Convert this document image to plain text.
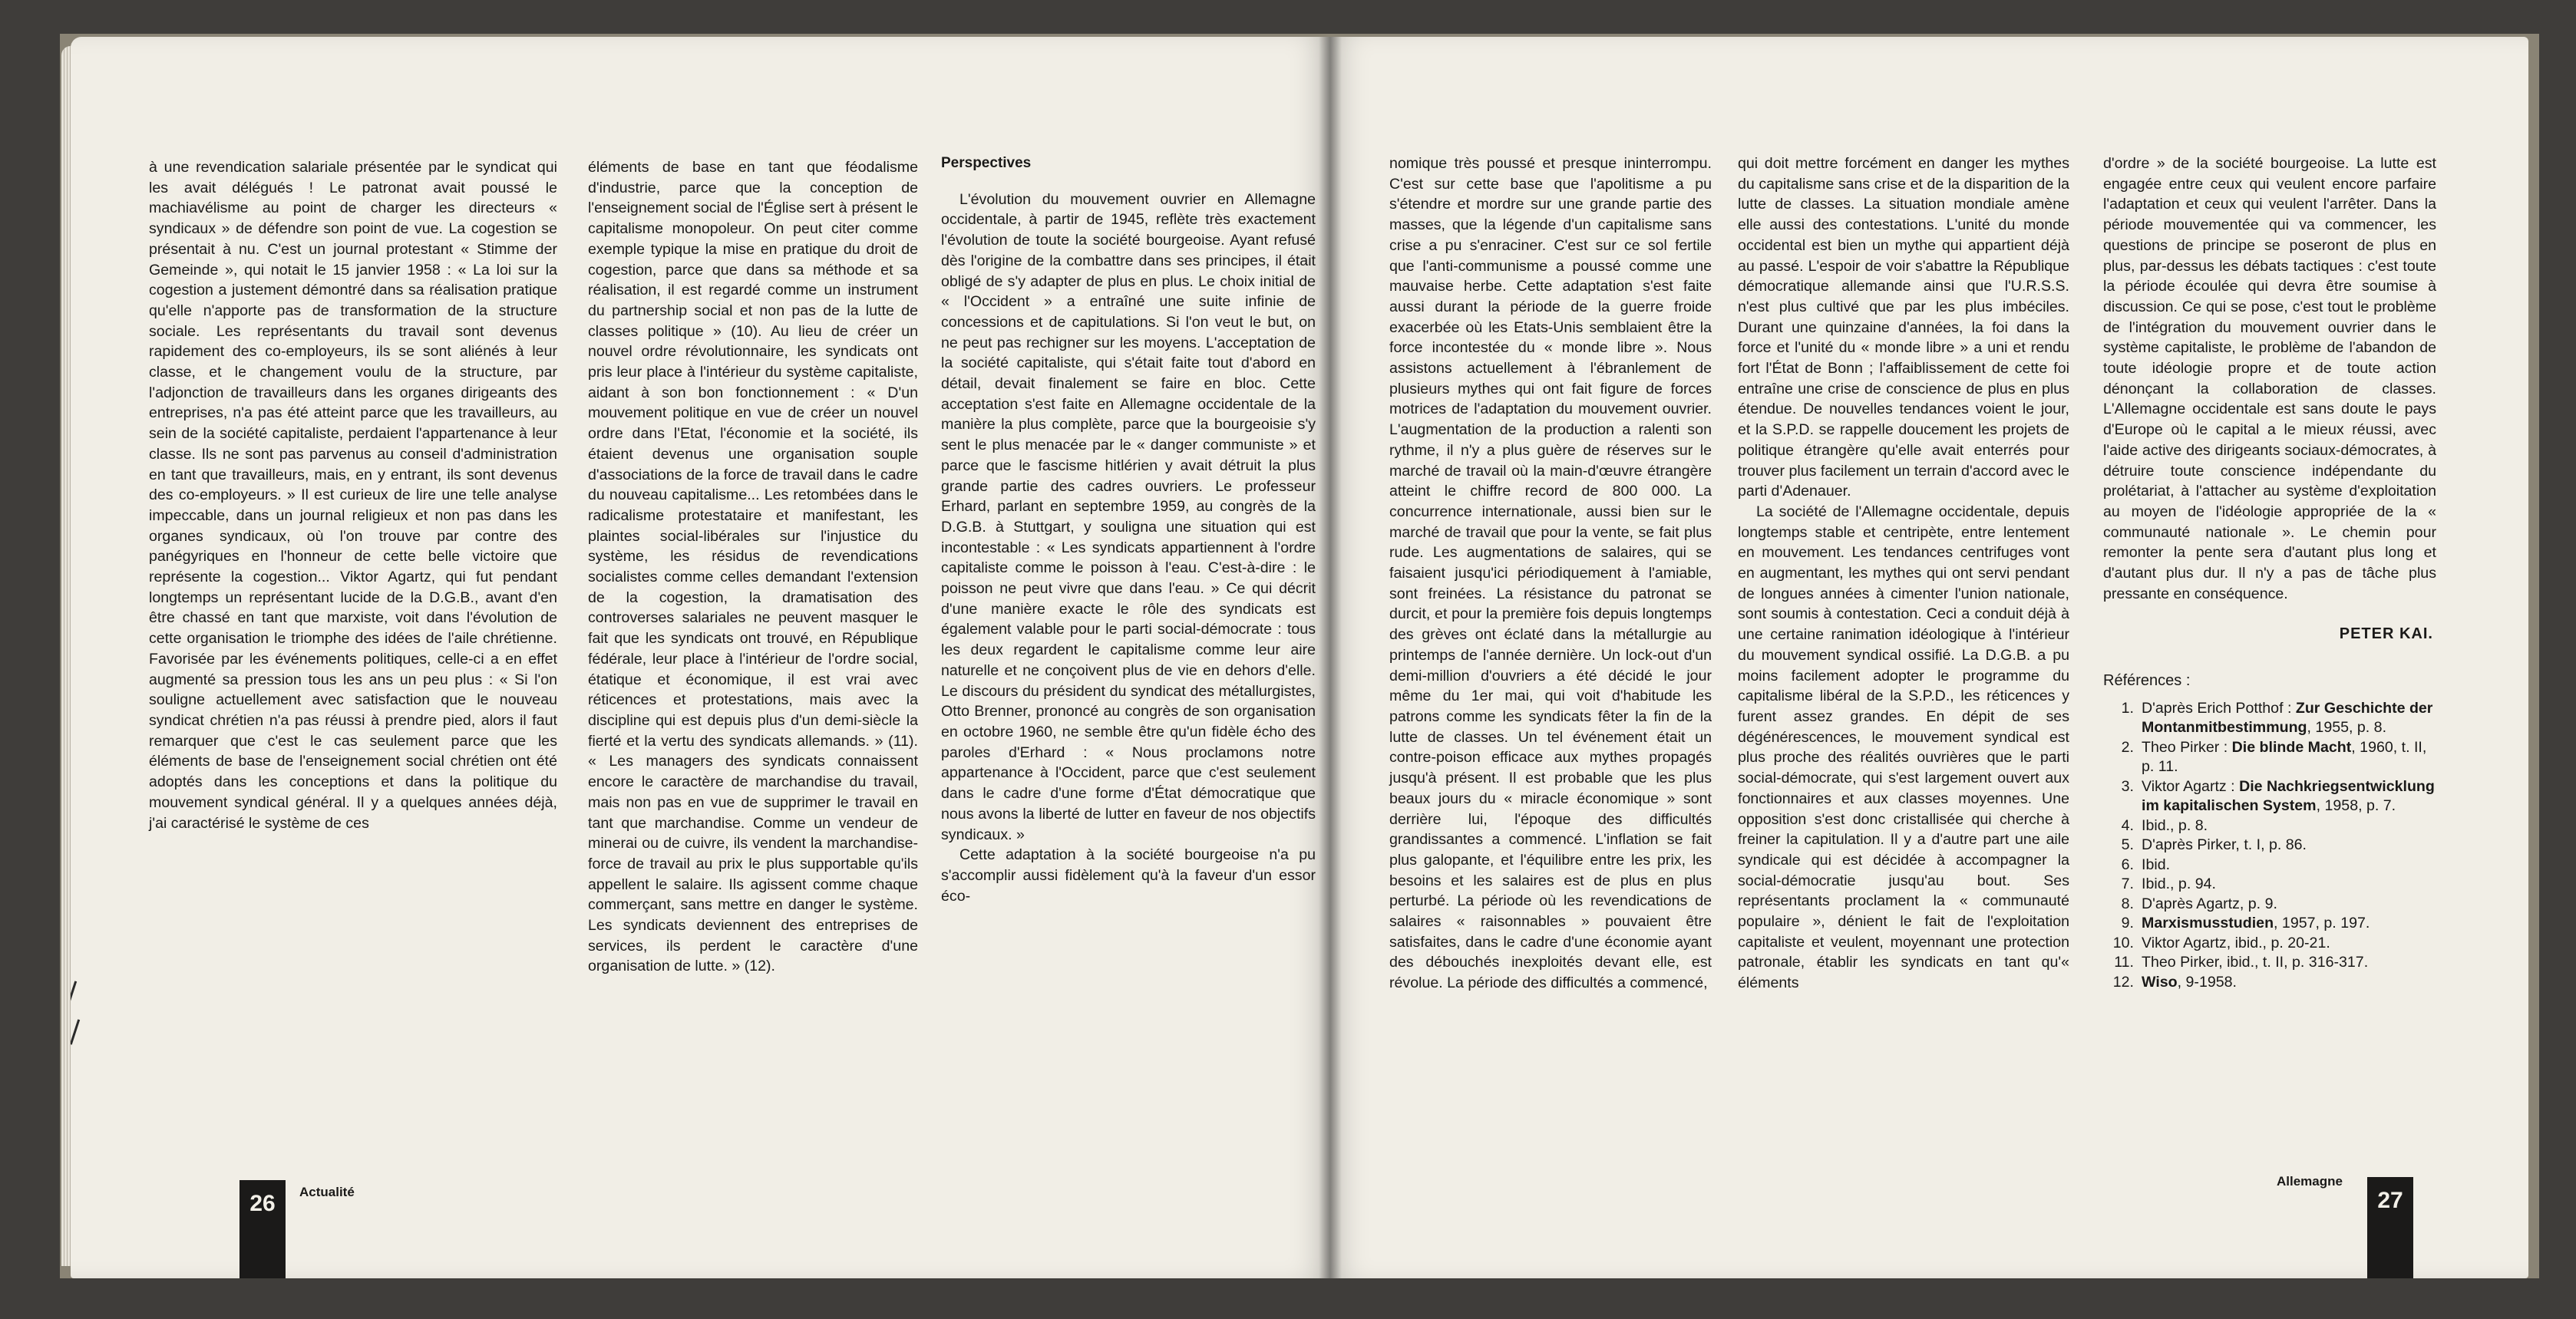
à une revendication salariale présentée par le syndicat qui les avait délégués ! Le patronat avait poussé le machiavélisme au point de charger les directeurs « syndicaux » de défendre son point de vue. La cogestion se présentait à nu. C'est un journal protestant « Stimme der Gemeinde », qui notait le 15 janvier 1958 : « La loi sur la cogestion a justement démontré dans sa réalisation pratique qu'elle n'apporte pas de transformation de la structure sociale. Les représentants du travail sont devenus rapidement des co-employeurs, ils se sont aliénés à leur classe, et le changement voulu de la structure, par l'adjonction de travailleurs dans les organes dirigeants des entreprises, n'a pas été atteint parce que les travailleurs, au sein de la société capitaliste, perdaient l'appartenance à leur classe. Ils ne sont pas parvenus au conseil d'administration en tant que travailleurs, mais, en y entrant, ils sont devenus des co-employeurs. » Il est curieux de lire une telle analyse impeccable, dans un journal religieux et non pas dans les organes syndicaux, où l'on trouve par contre des panégyriques en l'honneur de cette belle victoire que représente la cogestion... Viktor Agartz, qui fut pendant longtemps un représentant lucide de la D.G.B., avant d'en être chassé en tant que marxiste, voit dans l'évolution de cette organisation le triomphe des idées de l'aile chrétienne. Favorisée par les événements politiques, celle-ci a en effet augmenté sa pression tous les ans un peu plus : « Si l'on souligne actuellement avec satisfaction que le nouveau syndicat chrétien n'a pas réussi à prendre pied, alors il faut remarquer que c'est le cas seulement parce que les éléments de base de l'enseignement social chrétien ont été adoptés dans les conceptions et dans la politique du mouvement syndical général. Il y a quelques années déjà, j'ai caractérisé le système de ces

éléments de base en tant que féodalisme d'industrie, parce que la conception de l'enseignement social de l'Église sert à présent le capitalisme monopoleur. On peut citer comme exemple typique la mise en pratique du droit de cogestion, parce que dans sa méthode et sa réalisation, il est regardé comme un instrument du partnership social et non pas de la lutte de classes politique » (10). Au lieu de créer un nouvel ordre révolutionnaire, les syndicats ont pris leur place à l'intérieur du système capitaliste, aidant à son bon fonctionnement : « D'un mouvement politique en vue de créer un nouvel ordre dans l'Etat, l'économie et la société, ils étaient devenus une organisation souple d'associations de la force de travail dans le cadre du nouveau capitalisme... Les retombées dans le radicalisme protestataire et manifestant, les plaintes social-libérales sur l'injustice du système, les résidus de revendications socialistes comme celles demandant l'extension de la cogestion, la dramatisation des controverses salariales ne peuvent masquer le fait que les syndicats ont trouvé, en République fédérale, leur place à l'intérieur de l'ordre social, étatique et économique, il est vrai avec réticences et protestations, mais avec la discipline qui est depuis plus d'un demi-siècle la fierté et la vertu des syndicats allemands. » (11). « Les managers des syndicats connaissent encore le caractère de marchandise du travail, mais non pas en vue de supprimer le travail en tant que marchandise. Comme un vendeur de minerai ou de cuivre, ils vendent la marchandise-force de travail au prix le plus supportable qu'ils appellent le salaire. Ils agissent comme chaque commerçant, sans mettre en danger le système. Les syndicats deviennent des entreprises de services, ils perdent le caractère d'une organisation de lutte. » (12).

Perspectives

L'évolution du mouvement ouvrier en Allemagne occidentale, à partir de 1945, reflète très exactement l'évolution de toute la société bourgeoise. Ayant refusé dès l'origine de la combattre dans ses principes, il était obligé de s'y adapter de plus en plus. Le choix initial de « l'Occident » a entraîné une suite infinie de concessions et de capitulations. Si l'on veut le but, on ne peut pas rechigner sur les moyens. L'acceptation de la société capitaliste, qui s'était faite tout d'abord en détail, devait finalement se faire en bloc. Cette acceptation s'est faite en Allemagne occidentale de la manière la plus complète, parce que la bourgeoisie s'y sent le plus menacée par le « danger communiste » et parce que le fascisme hitlérien y avait détruit la plus grande partie des cadres ouvriers. Le professeur Erhard, parlant en septembre 1959, au congrès de la D.G.B. à Stuttgart, y souligna une situation qui est incontestable : « Les syndicats appartiennent à l'ordre capitaliste comme le poisson à l'eau. C'est-à-dire : le poisson ne peut vivre que dans l'eau. » Ce qui décrit d'une manière exacte le rôle des syndicats est également valable pour le parti social-démocrate : tous les deux regardent le capitalisme comme leur aire naturelle et ne conçoivent plus de vie en dehors d'elle. Le discours du président du syndicat des métallurgistes, Otto Brenner, prononcé au congrès de son organisation en octobre 1960, ne semble être qu'un fidèle écho des paroles d'Erhard : « Nous proclamons notre appartenance à l'Occident, parce que c'est seulement dans le cadre d'une forme d'État démocratique que nous avons la liberté de lutter en faveur de nos objectifs syndicaux. »

Cette adaptation à la société bourgeoise n'a pu s'accomplir aussi fidèlement qu'à la faveur d'un essor éco-

nomique très poussé et presque ininterrompu. C'est sur cette base que l'apolitisme a pu s'étendre et mordre sur une grande partie des masses, que la légende d'un capitalisme sans crise a pu s'enraciner. C'est sur ce sol fertile que l'anti-communisme a poussé comme une mauvaise herbe. Cette adaptation s'est faite aussi durant la période de la guerre froide exacerbée où les Etats-Unis semblaient être la force incontestée du « monde libre ». Nous assistons actuellement à l'ébranlement de plusieurs mythes qui ont fait figure de forces motrices de l'adaptation du mouvement ouvrier. L'augmentation de la production a ralenti son rythme, il n'y a plus guère de réserves sur le marché de travail où la main-d'œuvre étrangère atteint le chiffre record de 800 000. La concurrence internationale, aussi bien sur le marché de travail que pour la vente, se fait plus rude. Les augmentations de salaires, qui se faisaient jusqu'ici périodiquement à l'amiable, sont freinées. La résistance du patronat se durcit, et pour la première fois depuis longtemps des grèves ont éclaté dans la métallurgie au printemps de l'année dernière. Un lock-out d'un demi-million d'ouvriers a été décidé le jour même du 1er mai, qui voit d'habitude les patrons comme les syndicats fêter la fin de la lutte de classes. Un tel événement était un contre-poison efficace aux mythes propagés jusqu'à présent. Il est probable que les plus beaux jours du « miracle économique » sont derrière lui, l'époque des difficultés grandissantes a commencé. L'inflation se fait plus galopante, et l'équilibre entre les prix, les besoins et les salaires est de plus en plus perturbé. La période où les revendications de salaires « raisonnables » pouvaient être satisfaites, dans le cadre d'une économie ayant des débouchés inexploités devant elle, est révolue. La période des difficultés a commencé,

qui doit mettre forcément en danger les mythes du capitalisme sans crise et de la disparition de la lutte de classes. La situation mondiale amène elle aussi des contestations. L'unité du monde occidental est bien un mythe qui appartient déjà au passé. L'espoir de voir s'abattre la République démocratique allemande ainsi que l'U.R.S.S. n'est plus cultivé que par les plus imbéciles. Durant une quinzaine d'années, la foi dans la force et l'unité du « monde libre » a uni et rendu fort l'État de Bonn ; l'affaiblissement de cette foi entraîne une crise de conscience de plus en plus étendue. De nouvelles tendances voient le jour, et la S.P.D. se rappelle doucement les projets de politique étrangère qu'elle avait enterrés pour trouver plus facilement un terrain d'accord avec le parti d'Adenauer.

La société de l'Allemagne occidentale, depuis longtemps stable et centripète, entre lentement en mouvement. Les tendances centrifuges vont en augmentant, les mythes qui ont servi pendant de longues années à cimenter l'union nationale, sont soumis à contestation. Ceci a conduit déjà à une certaine ranimation idéologique à l'intérieur du mouvement syndical ossifié. La D.G.B. a pu moins facilement adopter le programme du capitalisme libéral de la S.P.D., les réticences y furent assez grandes. En dépit de ses dégénérescences, le mouvement syndical est plus proche des réalités ouvrières que le parti social-démocrate, qui s'est largement ouvert aux fonctionnaires et aux classes moyennes. Une opposition s'est donc cristallisée qui cherche à freiner la capitulation. Il y a d'autre part une aile syndicale qui est décidée à accompagner la social-démocratie jusqu'au bout. Ses représentants proclament la « communauté populaire », dénient le fait de l'exploitation capitaliste et veulent, moyennant une protection patronale, établir les syndicats en tant qu'« éléments

d'ordre » de la société bourgeoise. La lutte est engagée entre ceux qui veulent encore parfaire l'adaptation et ceux qui veulent l'arrêter. Dans la période mouvementée qui va commencer, les questions de principe se poseront de plus en plus, par-dessus les débats tactiques : c'est toute la période écoulée qui devra être soumise à discussion. Ce qui se pose, c'est tout le problème de l'intégration du mouvement ouvrier dans le système capitaliste, le problème de l'abandon de toute idéologie propre et de toute action dénonçant la collaboration de classes. L'Allemagne occidentale est sans doute le pays d'Europe où le capital a le mieux réussi, avec l'aide active des dirigeants sociaux-démocrates, à détruire toute conscience indépendante du prolétariat, à l'attacher au système d'exploitation au moyen de l'idéologie appropriée de la « communauté nationale ». Le chemin pour remonter la pente sera d'autant plus long et d'autant plus dur. Il n'y a pas de tâche plus pressante en conséquence.

PETER KAI.
Références :
1. D'après Erich Potthof : Zur Geschichte der Montanmitbestimmung, 1955, p. 8.
2. Theo Pirker : Die blinde Macht, 1960, t. II, p. 11.
3. Viktor Agartz : Die Nachkriegsentwicklung im kapitalischen System, 1958, p. 7.
4. Ibid., p. 8.
5. D'après Pirker, t. I, p. 86.
6. Ibid.
7. Ibid., p. 94.
8. D'après Agartz, p. 9.
9. Marxismusstudien, 1957, p. 197.
10. Viktor Agartz, ibid., p. 20-21.
11. Theo Pirker, ibid., t. II, p. 316-317.
12. Wiso, 9-1958.
26	Actualité	27
Allemagne
